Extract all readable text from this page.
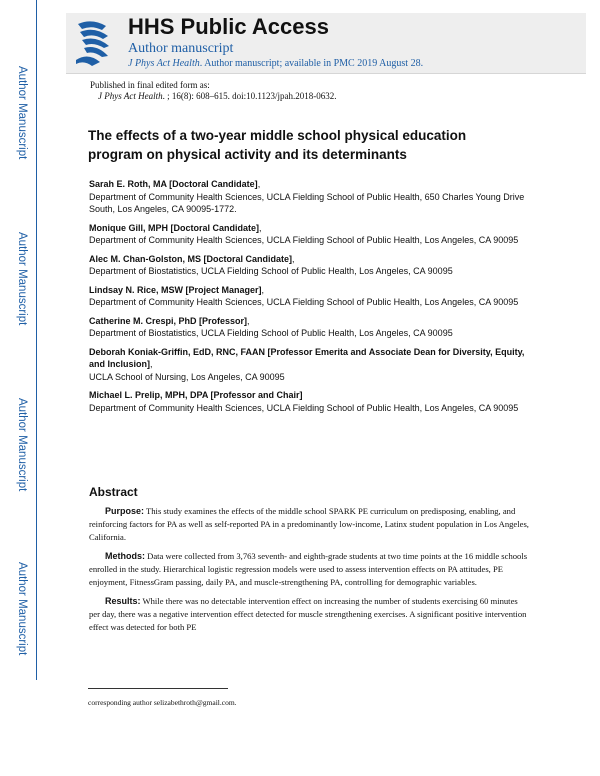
Author Manuscript
Author Manuscript
Author Manuscript
Author Manuscript
HHS Public Access
Author manuscript
J Phys Act Health. Author manuscript; available in PMC 2019 August 28.
Published in final edited form as:
J Phys Act Health. ; 16(8): 608–615. doi:10.1123/jpah.2018-0632.
The effects of a two-year middle school physical education program on physical activity and its determinants
Sarah E. Roth, MA [Doctoral Candidate],
Department of Community Health Sciences, UCLA Fielding School of Public Health, 650 Charles Young Drive South, Los Angeles, CA 90095-1772.
Monique Gill, MPH [Doctoral Candidate],
Department of Community Health Sciences, UCLA Fielding School of Public Health, Los Angeles, CA 90095
Alec M. Chan-Golston, MS [Doctoral Candidate],
Department of Biostatistics, UCLA Fielding School of Public Health, Los Angeles, CA 90095
Lindsay N. Rice, MSW [Project Manager],
Department of Community Health Sciences, UCLA Fielding School of Public Health, Los Angeles, CA 90095
Catherine M. Crespi, PhD [Professor],
Department of Biostatistics, UCLA Fielding School of Public Health, Los Angeles, CA 90095
Deborah Koniak-Griffin, EdD, RNC, FAAN [Professor Emerita and Associate Dean for Diversity, Equity, and Inclusion],
UCLA School of Nursing, Los Angeles, CA 90095
Michael L. Prelip, MPH, DPA [Professor and Chair]
Department of Community Health Sciences, UCLA Fielding School of Public Health, Los Angeles, CA 90095
Abstract

Purpose: This study examines the effects of the middle school SPARK PE curriculum on predisposing, enabling, and reinforcing factors for PA as well as self-reported PA in a predominantly low-income, Latinx student population in Los Angeles, California.

Methods: Data were collected from 3,763 seventh- and eighth-grade students at two time points at the 16 middle schools enrolled in the study. Hierarchical logistic regression models were used to assess intervention effects on PA attitudes, PE enjoyment, FitnessGram passing, daily PA, and muscle-strengthening PA, controlling for demographic variables.

Results: While there was no detectable intervention effect on increasing the number of students exercising 60 minutes per day, there was a negative intervention effect detected for muscle strengthening exercises. A significant positive intervention effect was detected for both PE

corresponding author selizabethroth@gmail.com.
